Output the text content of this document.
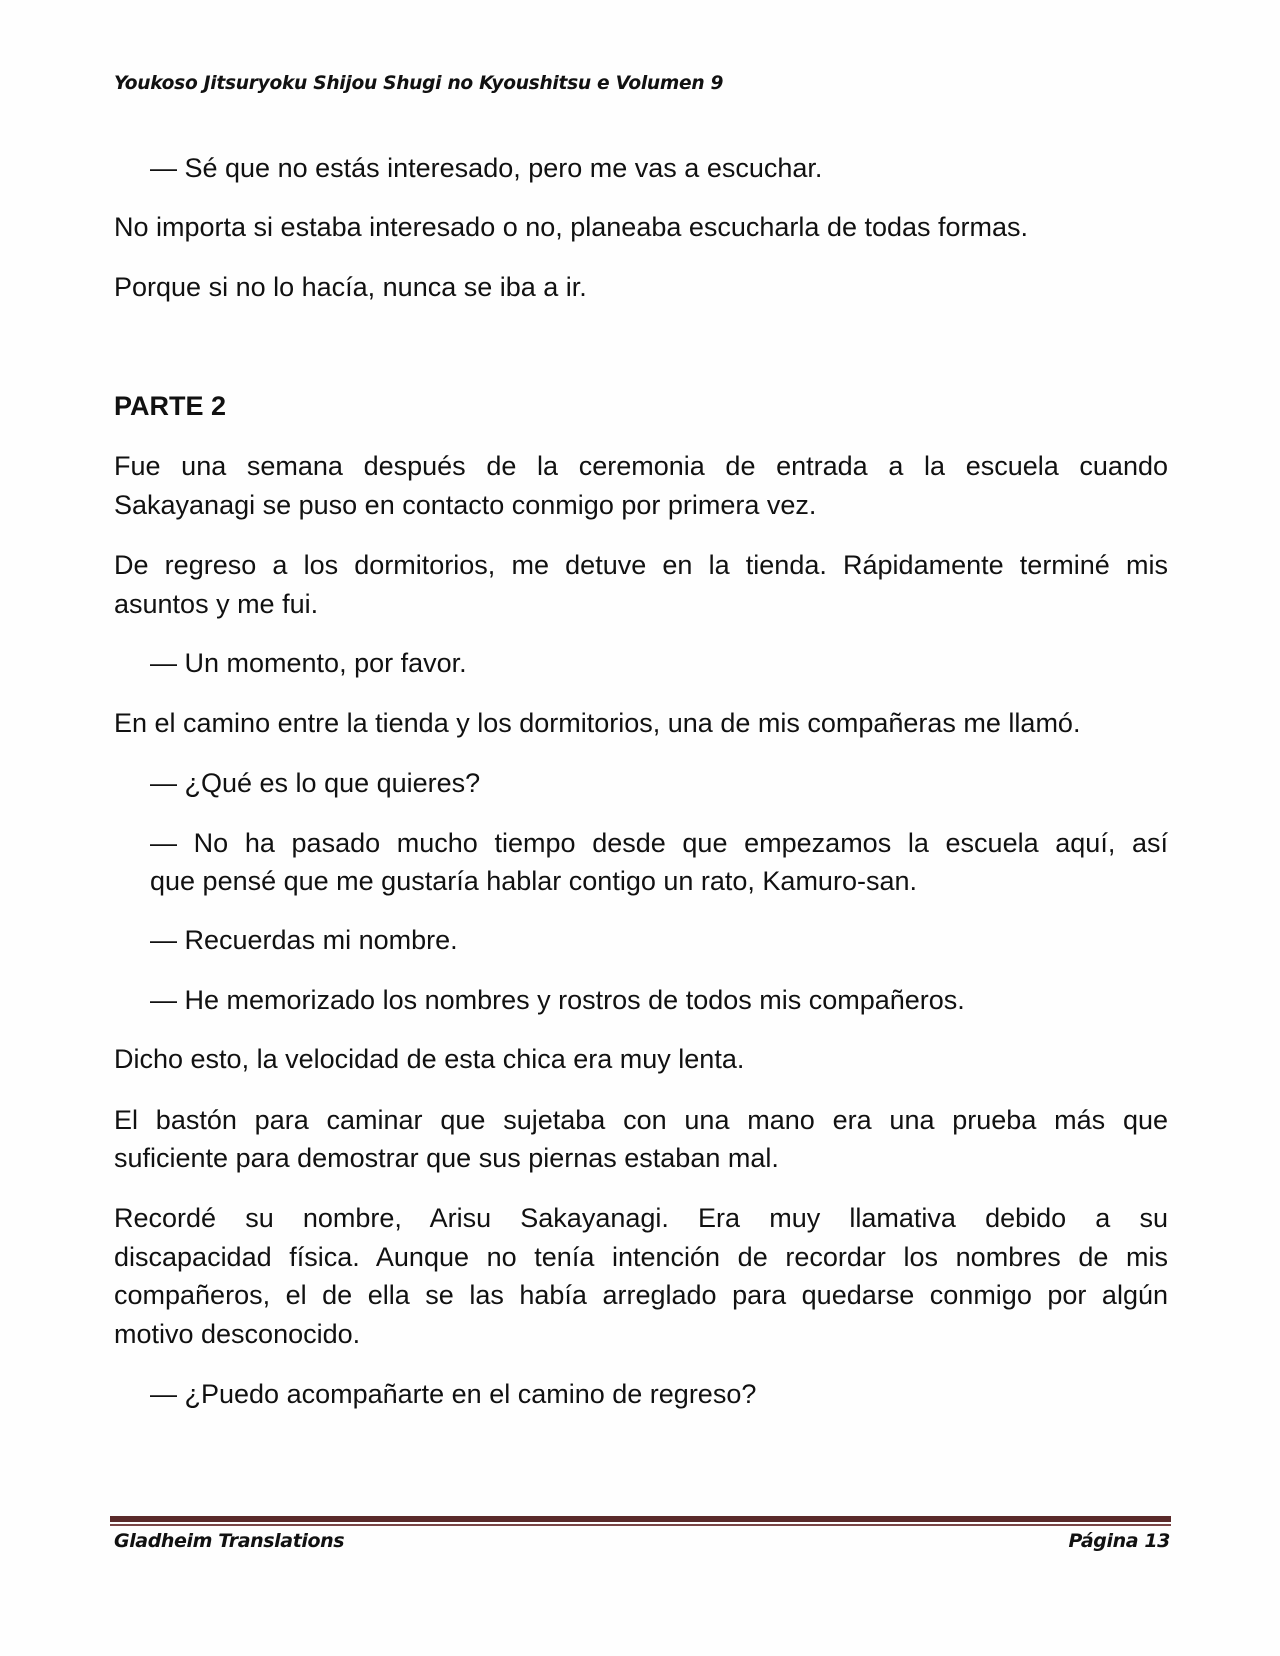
Youkoso Jitsuryoku Shijou Shugi no Kyoushitsu e Volumen 9
— Sé que no estás interesado, pero me vas a escuchar.
No importa si estaba interesado o no, planeaba escucharla de todas formas.
Porque si no lo hacía, nunca se iba a ir.
PARTE 2
Fue una semana después de la ceremonia de entrada a la escuela cuando
Sakayanagi se puso en contacto conmigo por primera vez.
De regreso a los dormitorios, me detuve en la tienda. Rápidamente terminé mis
asuntos y me fui.
— Un momento, por favor.
En el camino entre la tienda y los dormitorios, una de mis compañeras me llamó.
— ¿Qué es lo que quieres?
— No ha pasado mucho tiempo desde que empezamos la escuela aquí, así
que pensé que me gustaría hablar contigo un rato, Kamuro-san.
— Recuerdas mi nombre.
— He memorizado los nombres y rostros de todos mis compañeros.
Dicho esto, la velocidad de esta chica era muy lenta.
El bastón para caminar que sujetaba con una mano era una prueba más que
suficiente para demostrar que sus piernas estaban mal.
Recordé su nombre, Arisu Sakayanagi. Era muy llamativa debido a su
discapacidad física. Aunque no tenía intención de recordar los nombres de mis
compañeros, el de ella se las había arreglado para quedarse conmigo por algún
motivo desconocido.
— ¿Puedo acompañarte en el camino de regreso?
Gladheim Translations	Página 13
